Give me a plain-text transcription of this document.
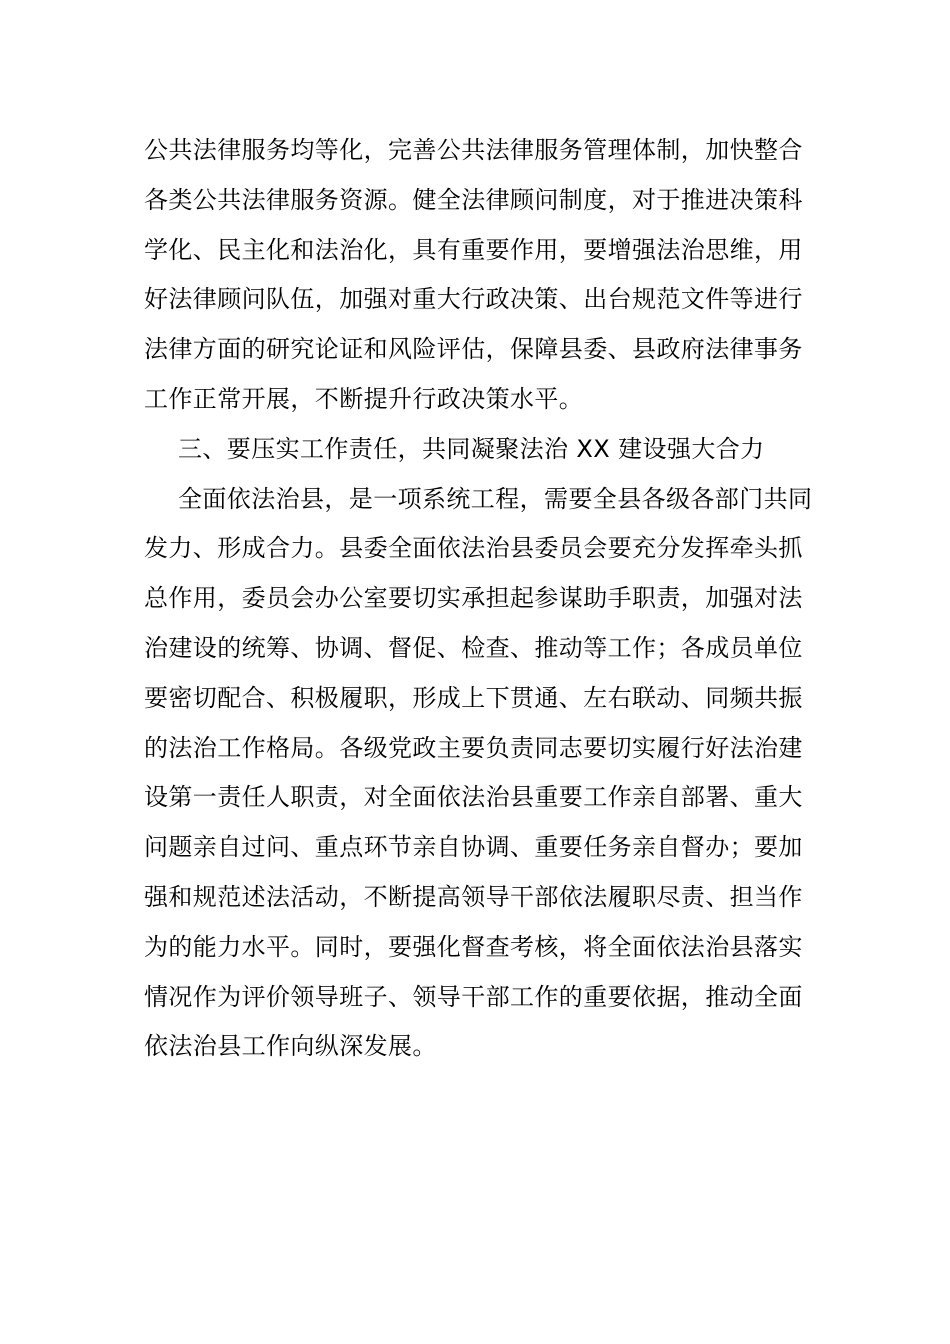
公共法律服务均等化，完善公共法律服务管理体制，加快整合
各类公共法律服务资源。健全法律顾问制度，对于推进决策科
学化、民主化和法治化，具有重要作用，要增强法治思维，用
好法律顾问队伍，加强对重大行政决策、出台规范文件等进行
法律方面的研究论证和风险评估，保障县委、县政府法律事务
工作正常开展，不断提升行政决策水平。
三、要压实工作责任，共同凝聚法治 XX 建设强大合力
全面依法治县，是一项系统工程，需要全县各级各部门共同
发力、形成合力。县委全面依法治县委员会要充分发挥牵头抓
总作用，委员会办公室要切实承担起参谋助手职责，加强对法
治建设的统筹、协调、督促、检查、推动等工作；各成员单位
要密切配合、积极履职，形成上下贯通、左右联动、同频共振
的法治工作格局。各级党政主要负责同志要切实履行好法治建
设第一责任人职责，对全面依法治县重要工作亲自部署、重大
问题亲自过问、重点环节亲自协调、重要任务亲自督办；要加
强和规范述法活动，不断提高领导干部依法履职尽责、担当作
为的能力水平。同时，要强化督查考核，将全面依法治县落实
情况作为评价领导班子、领导干部工作的重要依据，推动全面
依法治县工作向纵深发展。
